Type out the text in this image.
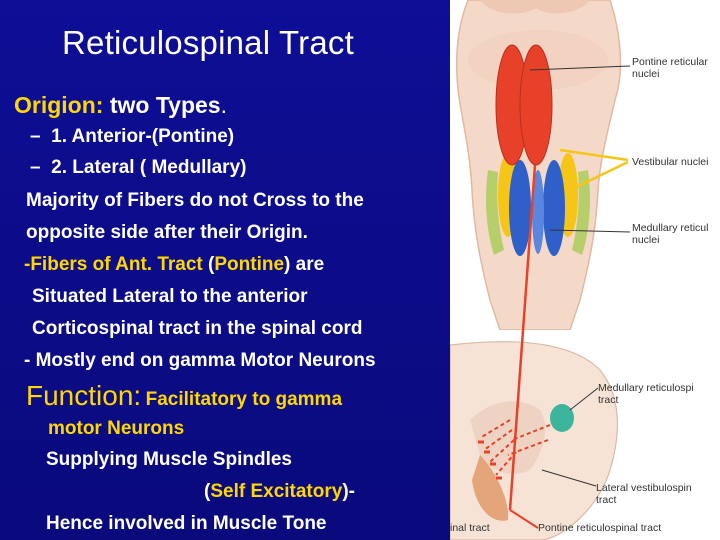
Reticulospinal Tract
Origion: two Types.
– 1. Anterior-(Pontine)
– 2. Lateral ( Medullary)
Majority of Fibers do not Cross to the
opposite side after their Origin.
-Fibers of Ant. Tract (Pontine) are
Situated Lateral to the anterior
Corticospinal tract in the spinal cord
- Mostly end on gamma Motor Neurons
Function: Facilitatory to gamma
motor Neurons
Supplying Muscle Spindles
(Self Excitatory)-
Hence involved in Muscle Tone
Pontine reticular
nuclei
Vestibular nuclei
Medullary reticul
nuclei
Medullary reticulospi
tract
Lateral vestibulospin
tract
inal tract	Pontine reticulospinal tract
